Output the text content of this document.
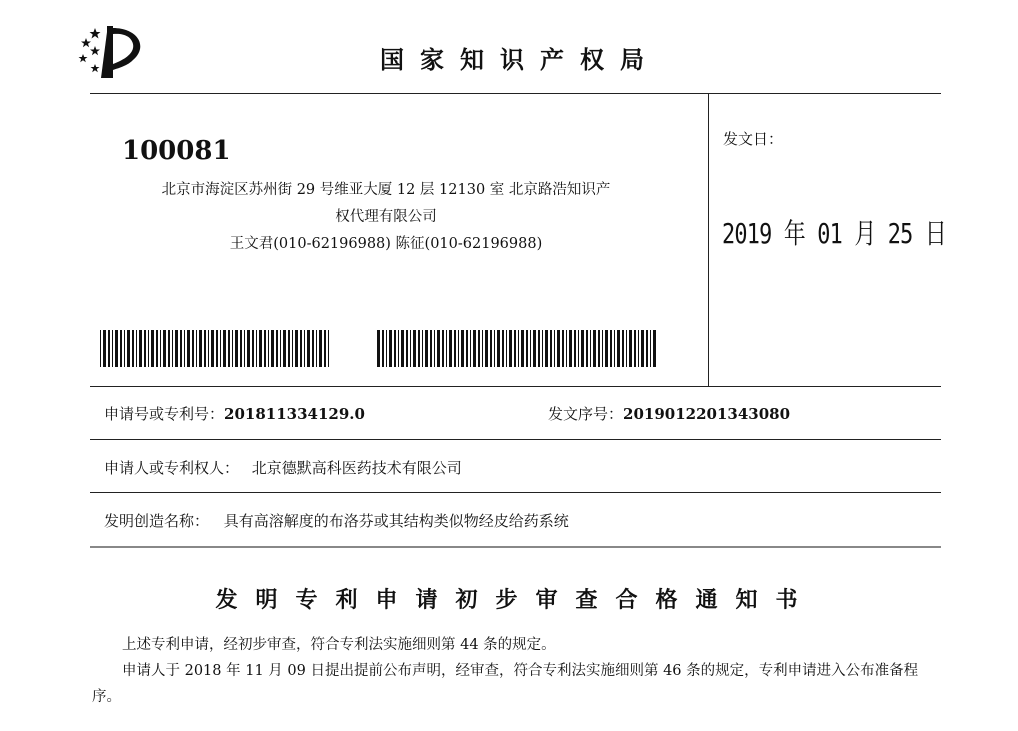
国家知识产权局
100081
北京市海淀区苏州街 29 号维亚大厦 12 层 12130 室 北京路浩知识产
权代理有限公司
王文君(010-62196988) 陈征(010-62196988)
发文日：
2019 年 01 月 25 日
申请号或专利号：201811334129.0	发文序号：2019012201343080
申请人或专利权人： 北京德默高科医药技术有限公司
发明创造名称： 具有高溶解度的布洛芬或其结构类似物经皮给药系统
发明专利申请初步审查合格通知书
上述专利申请，经初步审查，符合专利法实施细则第 44 条的规定。
申请人于 2018 年 11 月 09 日提出提前公布声明，经审查，符合专利法实施细则第 46 条的规定，专利申请进入公布准备程序。
